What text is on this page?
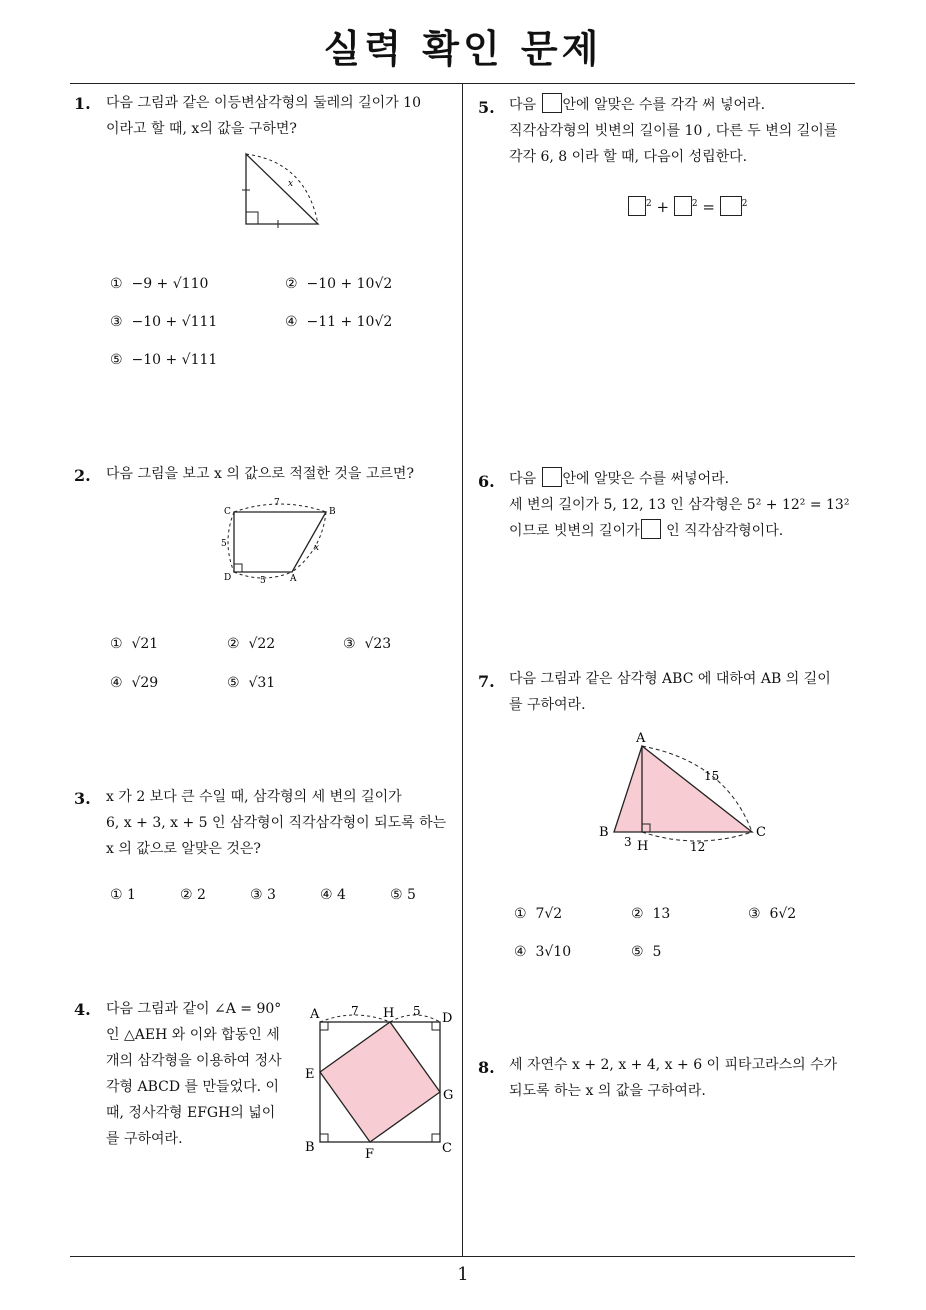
실력 확인 문제
1. 다음 그림과 같은 이등변삼각형의 둘레의 길이가 10
이라고 할 때, x의 값을 구하면?
x
① −9 + √110	② −10 + 10√2
③ −10 + √111	④ −11 + 10√2
⑤ −10 + √111
2. 다음 그림을 보고 x 의 값으로 적절한 것을 고르면?
C	B
D	A
7
5
5
x
① √21	② √22	③ √23
④ √29	⑤ √31
3. x 가 2 보다 큰 수일 때, 삼각형의 세 변의 길이가
6, x + 3, x + 5 인 삼각형이 직각삼각형이 되도록 하는
x 의 값으로 알맞은 것은?
① 1	② 2	③ 3	④ 4	⑤ 5
4. 다음 그림과 같이 ∠A = 90°
인 △AEH 와 이와 합동인 세
개의 삼각형을 이용하여 정사
각형 ABCD 를 만들었다. 이
때, 정사각형 EFGH의 넓이
를 구하여라.
A	H	D
E
G
B	F	C
7	5
5. 다음 안에 알맞은 수를 각각 써 넣어라.
직각삼각형의 빗변의 길이를 10 , 다른 두 변의 길이를
각각 6, 8 이라 할 때, 다음이 성립한다.
$^2$ +	$^2$ =	$^2$
6. 다음 안에 알맞은 수를 써넣어라.
세 변의 길이가 5, 12, 13 인 삼각형은 5² + 12² = 13²
이므로 빗변의 길이가 인 직각삼각형이다.
7. 다음 그림과 같은 삼각형 ABC 에 대하여 AB 의 길이
를 구하여라.
A
B
H
C
15
3	12
① 7√2	② 13	③ 6√2
④ 3√10	⑤ 5
8. 세 자연수 x + 2, x + 4, x + 6 이 피타고라스의 수가
되도록 하는 x 의 값을 구하여라.
1
